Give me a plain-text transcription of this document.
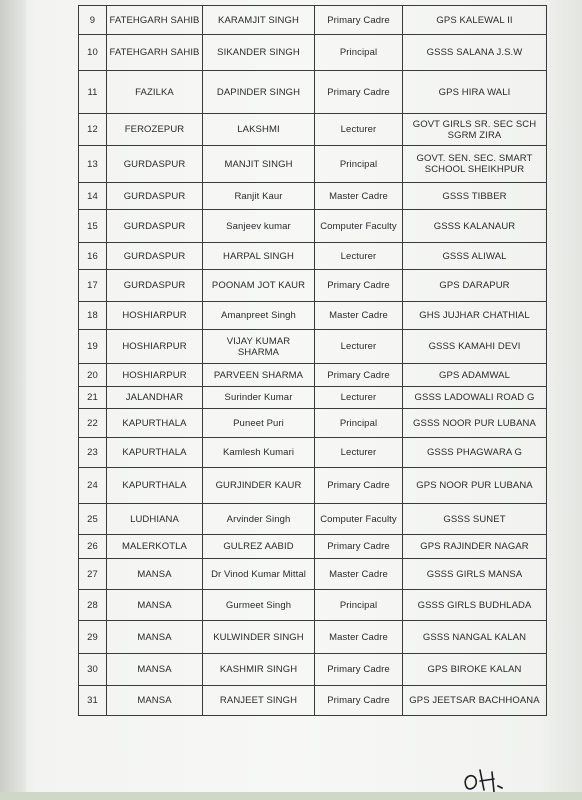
9	FATEHGARH SAHIB	KARAMJIT SINGH	Primary Cadre	GPS KALEWAL II
10	FATEHGARH SAHIB	SIKANDER SINGH	Principal	GSSS SALANA J.S.W
11	FAZILKA	DAPINDER SINGH	Primary Cadre	GPS HIRA WALI
12	FEROZEPUR	LAKSHMI	Lecturer	GOVT GIRLS SR. SEC SCH SGRM ZIRA
13	GURDASPUR	MANJIT SINGH	Principal	GOVT. SEN. SEC. SMART SCHOOL SHEIKHPUR
14	GURDASPUR	Ranjit Kaur	Master Cadre	GSSS TIBBER
15	GURDASPUR	Sanjeev kumar	Computer Faculty	GSSS KALANAUR
16	GURDASPUR	HARPAL SINGH	Lecturer	GSSS ALIWAL
17	GURDASPUR	POONAM JOT KAUR	Primary Cadre	GPS DARAPUR
18	HOSHIARPUR	Amanpreet Singh	Master Cadre	GHS JUJHAR CHATHIAL
19	HOSHIARPUR	VIJAY KUMAR SHARMA	Lecturer	GSSS KAMAHI DEVI
20	HOSHIARPUR	PARVEEN SHARMA	Primary Cadre	GPS ADAMWAL
21	JALANDHAR	Surinder Kumar	Lecturer	GSSS LADOWALI ROAD G
22	KAPURTHALA	Puneet Puri	Principal	GSSS NOOR PUR LUBANA
23	KAPURTHALA	Kamlesh Kumari	Lecturer	GSSS PHAGWARA G
24	KAPURTHALA	GURJINDER KAUR	Primary Cadre	GPS NOOR PUR LUBANA
25	LUDHIANA	Arvinder Singh	Computer Faculty	GSSS SUNET
26	MALERKOTLA	GULREZ AABID	Primary Cadre	GPS RAJINDER NAGAR
27	MANSA	Dr Vinod Kumar Mittal	Master Cadre	GSSS GIRLS MANSA
28	MANSA	Gurmeet Singh	Principal	GSSS GIRLS BUDHLADA
29	MANSA	KULWINDER SINGH	Master Cadre	GSSS NANGAL KALAN
30	MANSA	KASHMIR SINGH	Primary Cadre	GPS BIROKE KALAN
31	MANSA	RANJEET SINGH	Primary Cadre	GPS JEETSAR BACHHOANA
